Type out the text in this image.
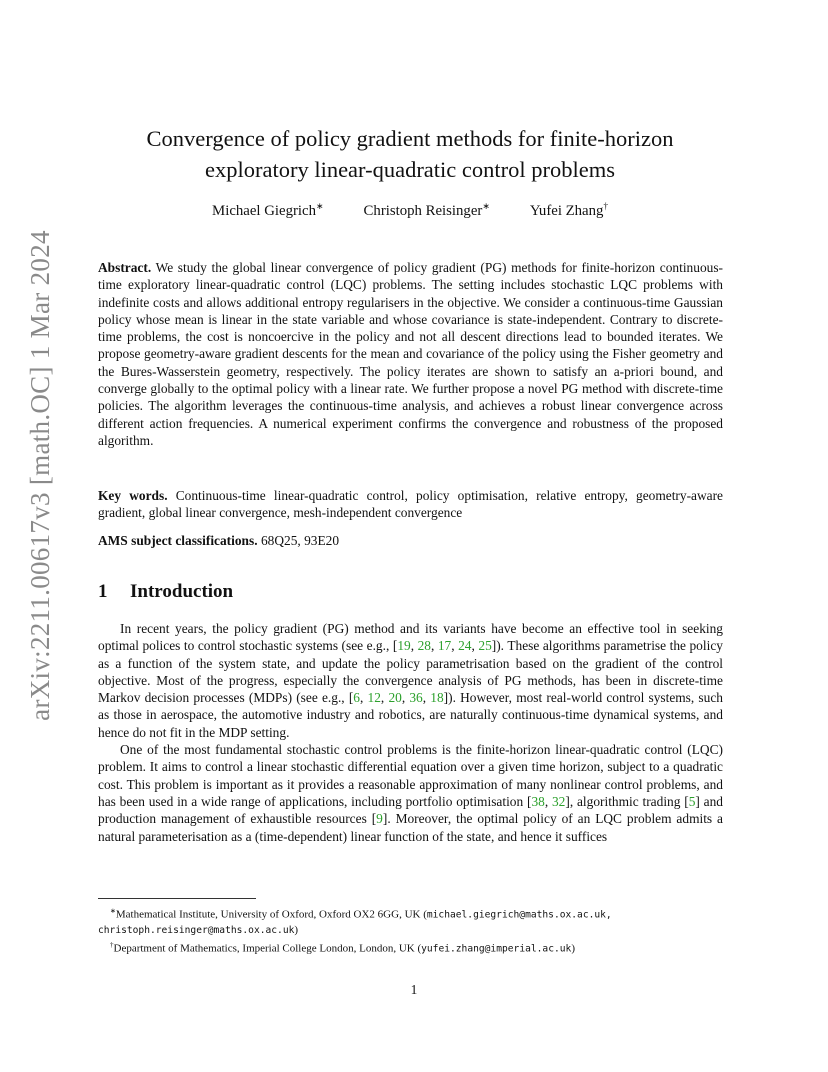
arXiv:2211.00617v3 [math.OC] 1 Mar 2024
Convergence of policy gradient methods for finite-horizon
exploratory linear-quadratic control problems
Michael Giegrich∗	Christoph Reisinger∗	Yufei Zhang†
Abstract. We study the global linear convergence of policy gradient (PG) methods for finite-horizon continuous-time exploratory linear-quadratic control (LQC) problems. The setting includes stochastic LQC problems with indefinite costs and allows additional entropy regularisers in the objective. We consider a continuous-time Gaussian policy whose mean is linear in the state variable and whose covariance is state-independent. Contrary to discrete-time problems, the cost is noncoercive in the policy and not all descent directions lead to bounded iterates. We propose geometry-aware gradient descents for the mean and covariance of the policy using the Fisher geometry and the Bures-Wasserstein geometry, respectively. The policy iterates are shown to satisfy an a-priori bound, and converge globally to the optimal policy with a linear rate. We further propose a novel PG method with discrete-time policies. The algorithm leverages the continuous-time analysis, and achieves a robust linear convergence across different action frequencies. A numerical experiment confirms the convergence and robustness of the proposed algorithm.
Key words. Continuous-time linear-quadratic control, policy optimisation, relative entropy, geometry-aware gradient, global linear convergence, mesh-independent convergence
AMS subject classifications. 68Q25, 93E20
1 Introduction

In recent years, the policy gradient (PG) method and its variants have become an effective tool in seeking optimal polices to control stochastic systems (see e.g., [19, 28, 17, 24, 25]). These algorithms parametrise the policy as a function of the system state, and update the policy parametrisation based on the gradient of the control objective. Most of the progress, especially the convergence analysis of PG methods, has been in discrete-time Markov decision processes (MDPs) (see e.g., [6, 12, 20, 36, 18]). However, most real-world control systems, such as those in aerospace, the automotive industry and robotics, are naturally continuous-time dynamical systems, and hence do not fit in the MDP setting.

One of the most fundamental stochastic control problems is the finite-horizon linear-quadratic control (LQC) problem. It aims to control a linear stochastic differential equation over a given time horizon, subject to a quadratic cost. This problem is important as it provides a reasonable approximation of many nonlinear control problems, and has been used in a wide range of applications, including portfolio optimisation [38, 32], algorithmic trading [5] and production management of exhaustible resources [9]. Moreover, the optimal policy of an LQC problem admits a natural parameterisation as a (time-dependent) linear function of the state, and hence it suffices

∗Mathematical Institute, University of Oxford, Oxford OX2 6GG, UK (michael.giegrich@maths.ox.ac.uk,
christoph.reisinger@maths.ox.ac.uk)

†Department of Mathematics, Imperial College London, London, UK (yufei.zhang@imperial.ac.uk)

1
